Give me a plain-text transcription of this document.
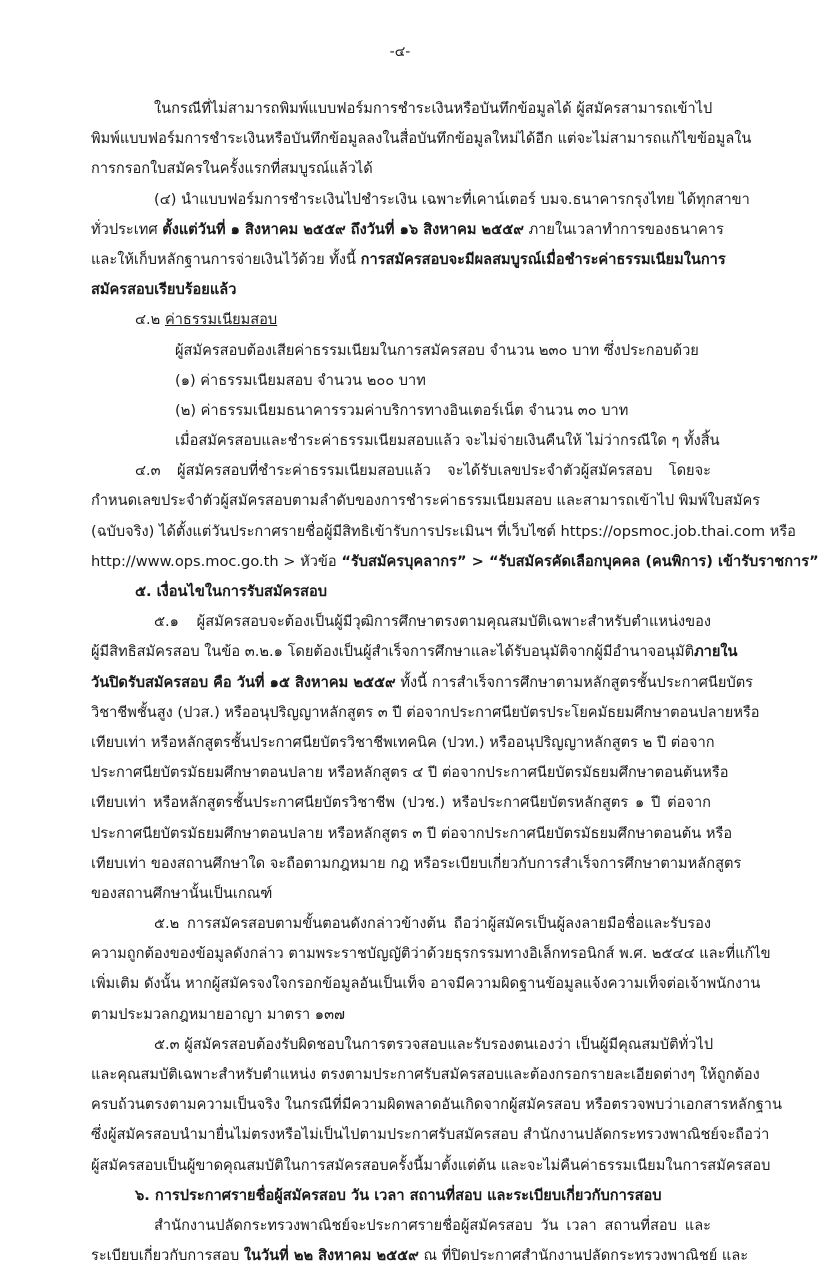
-๔-
ในกรณีที่ไม่สามารถพิมพ์แบบฟอร์มการชำระเงินหรือบันทึกข้อมูลได้ ผู้สมัครสามารถเข้าไป
พิมพ์แบบฟอร์มการชำระเงินหรือบันทึกข้อมูลลงในสื่อบันทึกข้อมูลใหม่ได้อีก แต่จะไม่สามารถแก้ไขข้อมูลใน
การกรอกใบสมัครในครั้งแรกที่สมบูรณ์แล้วได้
(๔) นำแบบฟอร์มการชำระเงินไปชำระเงิน เฉพาะที่เคาน์เตอร์ บมจ.ธนาคารกรุงไทย ได้ทุกสาขา
ทั่วประเทศ ตั้งแต่วันที่ ๑ สิงหาคม ๒๕๕๙ ถึงวันที่ ๑๖ สิงหาคม ๒๕๕๙ ภายในเวลาทำการของธนาคาร
และให้เก็บหลักฐานการจ่ายเงินไว้ด้วย ทั้งนี้ การสมัครสอบจะมีผลสมบูรณ์เมื่อชำระค่าธรรมเนียมในการ
สมัครสอบเรียบร้อยแล้ว
๔.๒ ค่าธรรมเนียมสอบ
ผู้สมัครสอบต้องเสียค่าธรรมเนียมในการสมัครสอบ จำนวน ๒๓๐ บาท ซึ่งประกอบด้วย
(๑) ค่าธรรมเนียมสอบ จำนวน ๒๐๐ บาท
(๒) ค่าธรรมเนียมธนาคารรวมค่าบริการทางอินเตอร์เน็ต จำนวน ๓๐ บาท
เมื่อสมัครสอบและชำระค่าธรรมเนียมสอบแล้ว จะไม่จ่ายเงินคืนให้ ไม่ว่ากรณีใด ๆ ทั้งสิ้น
๔.๓ ผู้สมัครสอบที่ชำระค่าธรรมเนียมสอบแล้ว จะได้รับเลขประจำตัวผู้สมัครสอบ โดยจะ
กำหนดเลขประจำตัวผู้สมัครสอบตามลำดับของการชำระค่าธรรมเนียมสอบ และสามารถเข้าไป พิมพ์ใบสมัคร
(ฉบับจริง) ได้ตั้งแต่วันประกาศรายชื่อผู้มีสิทธิเข้ารับการประเมินฯ ที่เว็บไซต์ https://opsmoc.job.thai.com หรือ
http://www.ops.moc.go.th > หัวข้อ “รับสมัครบุคลากร” > “รับสมัครคัดเลือกบุคคล (คนพิการ) เข้ารับราชการ”
๕. เงื่อนไขในการรับสมัครสอบ
๕.๑ ผู้สมัครสอบจะต้องเป็นผู้มีวุฒิการศึกษาตรงตามคุณสมบัติเฉพาะสำหรับตำแหน่งของ
ผู้มีสิทธิสมัครสอบ ในข้อ ๓.๒.๑ โดยต้องเป็นผู้สำเร็จการศึกษาและได้รับอนุมัติจากผู้มีอำนาจอนุมัติภายใน
วันปิดรับสมัครสอบ คือ วันที่ ๑๕ สิงหาคม ๒๕๕๙ ทั้งนี้ การสำเร็จการศึกษาตามหลักสูตรชั้นประกาศนียบัตร
วิชาชีพชั้นสูง (ปวส.) หรืออนุปริญญาหลักสูตร ๓ ปี ต่อจากประกาศนียบัตรประโยคมัธยมศึกษาตอนปลายหรือ
เทียบเท่า หรือหลักสูตรชั้นประกาศนียบัตรวิชาชีพเทคนิค (ปวท.) หรืออนุปริญญาหลักสูตร ๒ ปี ต่อจาก
ประกาศนียบัตรมัธยมศึกษาตอนปลาย หรือหลักสูตร ๔ ปี ต่อจากประกาศนียบัตรมัธยมศึกษาตอนต้นหรือ
เทียบเท่า หรือหลักสูตรชั้นประกาศนียบัตรวิชาชีพ (ปวช.) หรือประกาศนียบัตรหลักสูตร ๑ ปี ต่อจาก
ประกาศนียบัตรมัธยมศึกษาตอนปลาย หรือหลักสูตร ๓ ปี ต่อจากประกาศนียบัตรมัธยมศึกษาตอนต้น หรือ
เทียบเท่า ของสถานศึกษาใด จะถือตามกฎหมาย กฎ หรือระเบียบเกี่ยวกับการสำเร็จการศึกษาตามหลักสูตร
ของสถานศึกษานั้นเป็นเกณฑ์
๕.๒ การสมัครสอบตามขั้นตอนดังกล่าวข้างต้น ถือว่าผู้สมัครเป็นผู้ลงลายมือชื่อและรับรอง
ความถูกต้องของข้อมูลดังกล่าว ตามพระราชบัญญัติว่าด้วยธุรกรรมทางอิเล็กทรอนิกส์ พ.ศ. ๒๕๔๔ และที่แก้ไข
เพิ่มเติม ดังนั้น หากผู้สมัครจงใจกรอกข้อมูลอันเป็นเท็จ อาจมีความผิดฐานข้อมูลแจ้งความเท็จต่อเจ้าพนักงาน
ตามประมวลกฎหมายอาญา มาตรา ๑๓๗
๕.๓ ผู้สมัครสอบต้องรับผิดชอบในการตรวจสอบและรับรองตนเองว่า เป็นผู้มีคุณสมบัติทั่วไป
และคุณสมบัติเฉพาะสำหรับตำแหน่ง ตรงตามประกาศรับสมัครสอบและต้องกรอกรายละเอียดต่างๆ ให้ถูกต้อง
ครบถ้วนตรงตามความเป็นจริง ในกรณีที่มีความผิดพลาดอันเกิดจากผู้สมัครสอบ หรือตรวจพบว่าเอกสารหลักฐาน
ซึ่งผู้สมัครสอบนำมายื่นไม่ตรงหรือไม่เป็นไปตามประกาศรับสมัครสอบ สำนักงานปลัดกระทรวงพาณิชย์จะถือว่า
ผู้สมัครสอบเป็นผู้ขาดคุณสมบัติในการสมัครสอบครั้งนี้มาตั้งแต่ต้น และจะไม่คืนค่าธรรมเนียมในการสมัครสอบ
๖. การประกาศรายชื่อผู้สมัครสอบ วัน เวลา สถานที่สอบ และระเบียบเกี่ยวกับการสอบ
สำนักงานปลัดกระทรวงพาณิชย์จะประกาศรายชื่อผู้สมัครสอบ วัน เวลา สถานที่สอบ และ
ระเบียบเกี่ยวกับการสอบ ในวันที่ ๒๒ สิงหาคม ๒๕๕๙ ณ ที่ปิดประกาศสำนักงานปลัดกระทรวงพาณิชย์ และ
